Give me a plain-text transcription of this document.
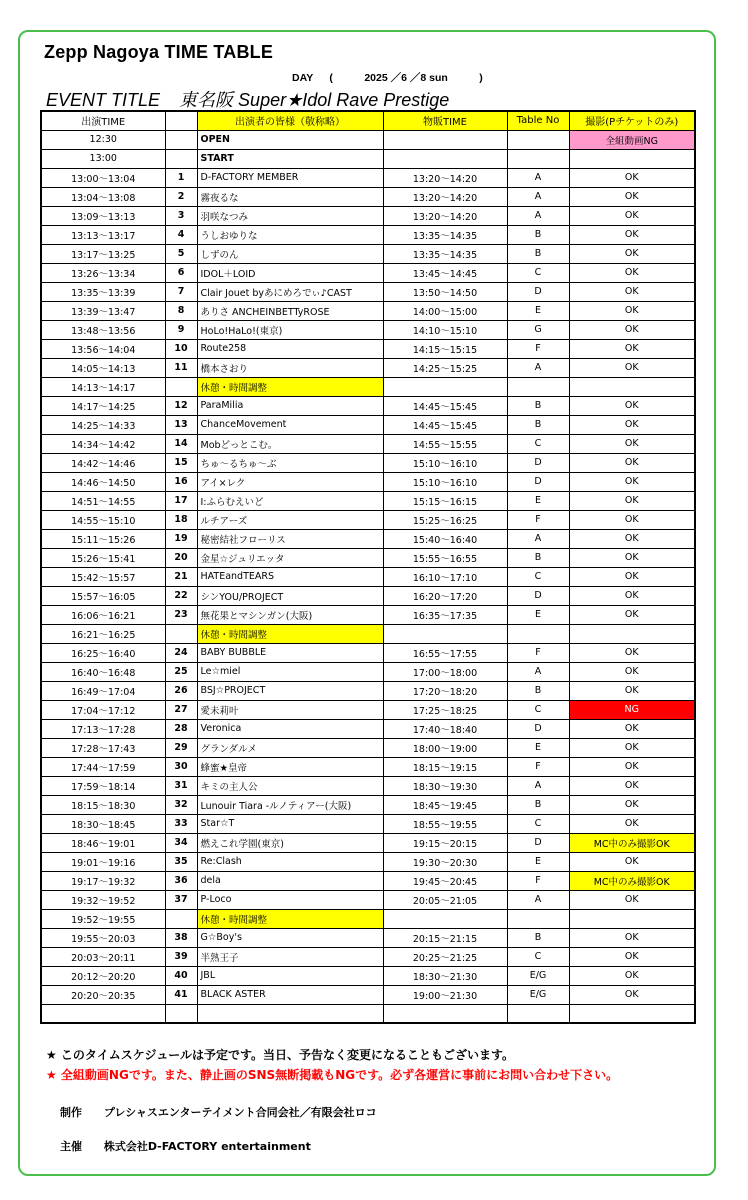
Zepp Nagoya TIME TABLE
DAY　  (　　　2025 ／6 ／8 sun　　　)
EVENT TITLE 東名阪 Super★Idol Rave Prestige
出演TIME		出演者の皆様（敬称略）	物販TIME	Table No	撮影(Pチケットのみ)
12:30		OPEN			全組動画NG
13:00		START			
13:00～13:04	1	D-FACTORY MEMBER	13:20～14:20	A	OK
13:04～13:08	2	霧夜るな	13:20～14:20	A	OK
13:09～13:13	3	羽咲なつみ	13:20～14:20	A	OK
13:13～13:17	4	うしおゆりな	13:35～14:35	B	OK
13:17～13:25	5	しずのん	13:35～14:35	B	OK
13:26～13:34	6	IDOL＋LOID	13:45～14:45	C	OK
13:35～13:39	7	Clair Jouet byあにめろでぃ♪CAST	13:50～14:50	D	OK
13:39～13:47	8	ありさ ANCHEINBETTyROSE	14:00～15:00	E	OK
13:48～13:56	9	HoLo!HaLo!(東京)	14:10～15:10	G	OK
13:56～14:04	10	Route258	14:15～15:15	F	OK
14:05～14:13	11	橋本さおり	14:25～15:25	A	OK
14:13～14:17		休憩・時間調整			
14:17～14:25	12	ParaMilia	14:45～15:45	B	OK
14:25～14:33	13	ChanceMovement	14:45～15:45	B	OK
14:34～14:42	14	Mobどっとこむ。	14:55～15:55	C	OK
14:42～14:46	15	ちゅ～るちゅ～ぶ	15:10～16:10	D	OK
14:46～14:50	16	アイ×レク	15:10～16:10	D	OK
14:51～14:55	17	I:ふらむえいど	15:15～16:15	E	OK
14:55～15:10	18	ルチアーズ	15:25～16:25	F	OK
15:11～15:26	19	秘密結社フローリス	15:40～16:40	A	OK
15:26～15:41	20	金星☆ジュリエッタ	15:55～16:55	B	OK
15:42～15:57	21	HATEandTEARS	16:10～17:10	C	OK
15:57～16:05	22	シンYOU/PROJECT	16:20～17:20	D	OK
16:06～16:21	23	無花果とマシンガン(大阪)	16:35～17:35	E	OK
16:21～16:25		休憩・時間調整			
16:25～16:40	24	BABY BUBBLE	16:55～17:55	F	OK
16:40～16:48	25	Le☆miel	17:00～18:00	A	OK
16:49～17:04	26	BSJ☆PROJECT	17:20～18:20	B	OK
17:04～17:12	27	愛未莉叶	17:25～18:25	C	NG
17:13～17:28	28	Veronica	17:40～18:40	D	OK
17:28～17:43	29	グランダルメ	18:00～19:00	E	OK
17:44～17:59	30	蜂蜜★皇帝	18:15～19:15	F	OK
17:59～18:14	31	キミの主人公	18:30～19:30	A	OK
18:15～18:30	32	Lunouir Tiara -ルノティアー(大阪)	18:45～19:45	B	OK
18:30～18:45	33	Star☆T	18:55～19:55	C	OK
18:46～19:01	34	燃えこれ学園(東京)	19:15～20:15	D	MC中のみ撮影OK
19:01～19:16	35	Re:Clash	19:30～20:30	E	OK
19:17～19:32	36	dela	19:45～20:45	F	MC中のみ撮影OK
19:32～19:52	37	P-Loco	20:05～21:05	A	OK
19:52～19:55		休憩・時間調整			
19:55～20:03	38	G☆Boy's	20:15～21:15	B	OK
20:03～20:11	39	半熟王子	20:25～21:25	C	OK
20:12～20:20	40	JBL	18:30～21:30	E/G	OK
20:20～20:35	41	BLACK ASTER	19:00～21:30	E/G	OK

★ このタイムスケジュールは予定です。当日、予告なく変更になることもございます。
★ 全組動画NGです。また、静止画のSNS無断掲載もNGです。必ず各運営に事前にお問い合わせ下さい。
制作 プレシャスエンターテイメント合同会社／有限会社ロコ
主催 株式会社D-FACTORY entertainment
